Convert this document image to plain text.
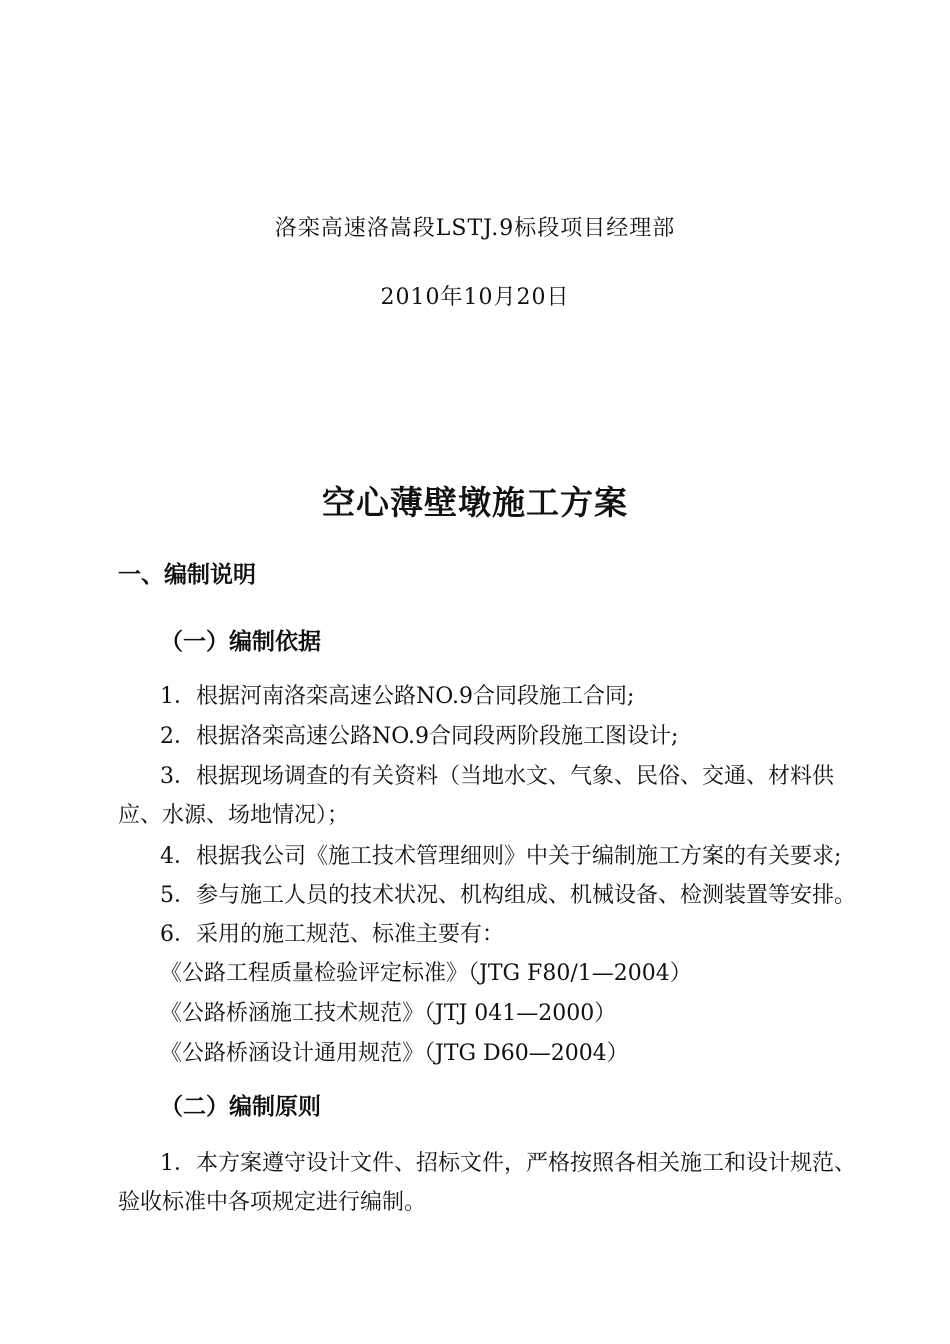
洛栾高速洛嵩段LSTJ.9标段项目经理部
2010年10月20日
空心薄壁墩施工方案
一、编制说明
（一）编制依据
1．根据河南洛栾高速公路NO.9合同段施工合同;
2．根据洛栾高速公路NO.9合同段两阶段施工图设计;
3．根据现场调查的有关资料（当地水文、气象、民俗、交通、材料供
应、水源、场地情况）；
4．根据我公司《施工技术管理细则》中关于编制施工方案的有关要求;
5．参与施工人员的技术状况、机构组成、机械设备、检测装置等安排。
6．采用的施工规范、标准主要有：
《公路工程质量检验评定标准》（JTG F80/1—2004）
《公路桥涵施工技术规范》（JTJ 041—2000）
《公路桥涵设计通用规范》（JTG D60—2004）
（二）编制原则
1．本方案遵守设计文件、招标文件，严格按照各相关施工和设计规范、
验收标准中各项规定进行编制。
